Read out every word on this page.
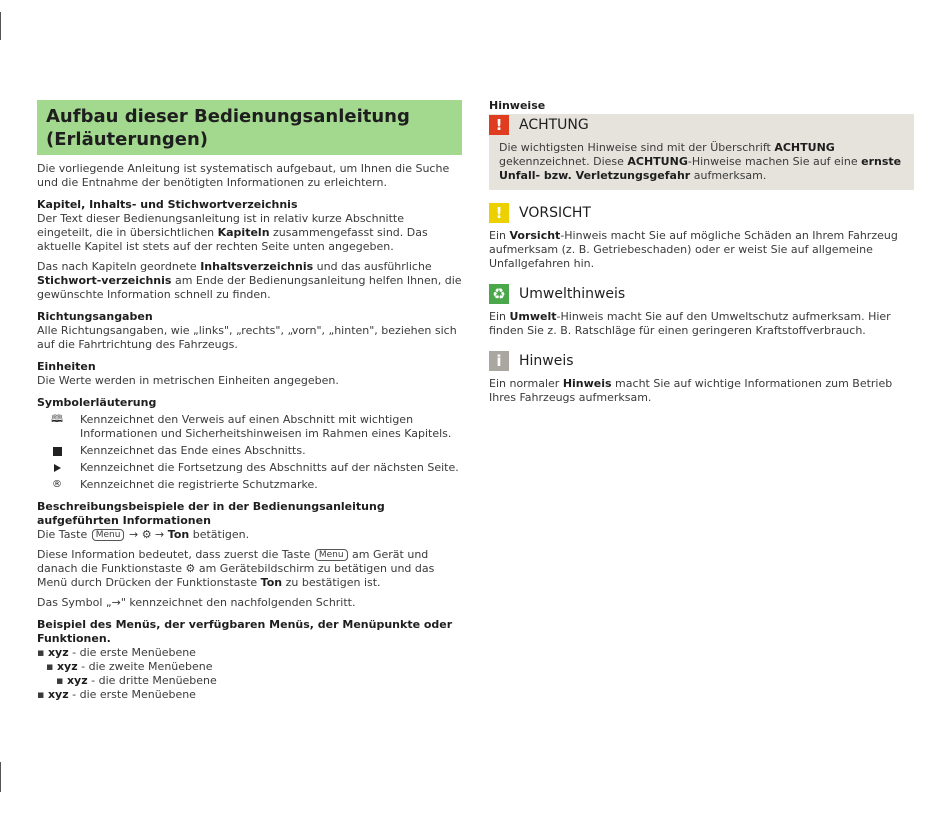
Aufbau dieser Bedienungsanleitung
(Erläuterungen)

Die vorliegende Anleitung ist systematisch aufgebaut, um Ihnen die Suche und die Entnahme der benötigten Informationen zu erleichtern.

Kapitel, Inhalts- und Stichwortverzeichnis

Der Text dieser Bedienungsanleitung ist in relativ kurze Abschnitte eingeteilt, die in übersichtlichen Kapiteln zusammengefasst sind. Das aktuelle Kapitel ist stets auf der rechten Seite unten angegeben.

Das nach Kapiteln geordnete Inhaltsverzeichnis und das ausführliche Stichwort-verzeichnis am Ende der Bedienungsanleitung helfen Ihnen, die gewünschte Information schnell zu finden.

Richtungsangaben

Alle Richtungsangaben, wie „links", „rechts", „vorn", „hinten", beziehen sich auf die Fahrtrichtung des Fahrzeugs.

Einheiten

Die Werte werden in metrischen Einheiten angegeben.

Symbolerläuterung
🕮 Kennzeichnet den Verweis auf einen Abschnitt mit wichtigen Informationen und Sicherheitshinweisen im Rahmen eines Kapitels.
Kennzeichnet das Ende eines Abschnitts.
Kennzeichnet die Fortsetzung des Abschnitts auf der nächsten Seite.
® Kennzeichnet die registrierte Schutzmarke.
Beschreibungsbeispiele der in der Bedienungsanleitung aufgeführten Informationen

Die Taste Menu → ⚙ → Ton betätigen.

Diese Information bedeutet, dass zuerst die Taste Menu am Gerät und danach die Funktionstaste ⚙ am Gerätebildschirm zu betätigen und das Menü durch Drücken der Funktionstaste Ton zu bestätigen ist.

Das Symbol „→" kennzeichnet den nachfolgenden Schritt.

Beispiel des Menüs, der verfügbaren Menüs, der Menüpunkte oder Funktionen.
▪ xyz - die erste Menüebene
▪ xyz - die zweite Menüebene
▪ xyz - die dritte Menüebene
▪ xyz - die erste Menüebene
Hinweise
!	ACHTUNG
Die wichtigsten Hinweise sind mit der Überschrift ACHTUNG gekennzeichnet. Diese ACHTUNG-Hinweise machen Sie auf eine ernste Unfall- bzw. Verletzungsgefahr aufmerksam.
!	VORSICHT
Ein Vorsicht-Hinweis macht Sie auf mögliche Schäden an Ihrem Fahrzeug aufmerksam (z. B. Getriebeschaden) oder er weist Sie auf allgemeine Unfallgefahren hin.
♻ Umwelthinweis
Ein Umwelt-Hinweis macht Sie auf den Umweltschutz aufmerksam. Hier finden Sie z. B. Ratschläge für einen geringeren Kraftstoffverbrauch.
i	Hinweis
Ein normaler Hinweis macht Sie auf wichtige Informationen zum Betrieb Ihres Fahrzeugs aufmerksam.
